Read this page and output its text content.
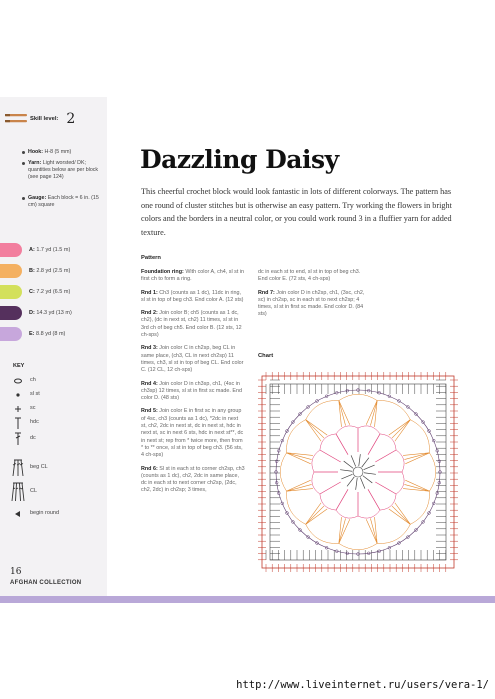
Skill level: 2
Hook: H-8 (5 mm)
Yarn: Light worsted/ DK; quantities below are per block (see page 124)
Gauge: Each block = 6 in. (15 cm) square
A: 1.7 yd (1.5 m)
B: 2.8 yd (2.5 m)
C: 7.2 yd (6.5 m)
D: 14.3 yd (13 m)
E: 8.8 yd (8 m)
KEY
ch
sl st
sc
hdc
dc
beg CL
CL
begin round
16
AFGHAN COLLECTION
Dazzling Daisy
This cheerful crochet block would look fantastic in lots of different colorways. The pattern has one round of cluster stitches but is otherwise an easy pattern. Try working the flowers in bright colors and the borders in a neutral color, or you could work round 3 in a fluffier yarn for added texture.
Pattern

Foundation ring: With color A, ch4, sl st in first ch to form a ring.

Rnd 1: Ch3 (counts as 1 dc), 11dc in ring, sl st in top of beg ch3. End color A. (12 sts)

Rnd 2: Join color B; ch5 (counts as 1 dc, ch2), (dc in next st, ch2) 11 times, sl st in 3rd ch of beg ch5. End color B. (12 sts, 12 ch-sps)

Rnd 3: Join color C in ch2sp, beg CL in same place, (ch3, CL in next ch2sp) 11 times, ch3, sl st in top of beg CL. End color C. (12 CL, 12 ch-sps)

Rnd 4: Join color D in ch3sp, ch1, (4sc in ch3sp) 12 times, sl st in first sc made. End color D. (48 sts)

Rnd 5: Join color E in first sc in any group of 4sc, ch3 (counts as 1 dc), *2dc in next st, ch2, 2dc in next st, dc in next st, hdc in next st, sc in next 6 sts, hdc in next st**, dc in next st; rep from * twice more, then from * to ** once, sl st in top of beg ch3. (56 sts, 4 ch-sps)

Rnd 6: Sl st in each st to corner ch2sp, ch3 (counts as 1 dc), ch2, 2dc in same place, dc in each st to next corner ch2sp, (2dc, ch2, 2dc) in ch2sp; 3 times,

dc in each st to end, sl st in top of beg ch3. End color E. (72 sts, 4 ch-sps)

Rnd 7: Join color D in ch2sp, ch1, (3sc, ch2, sc) in ch2sp, sc in each st to next ch2sp; 4 times, sl st in first sc made. End color D. (84 sts)

Chart
http://www.liveinternet.ru/users/vera-1/
